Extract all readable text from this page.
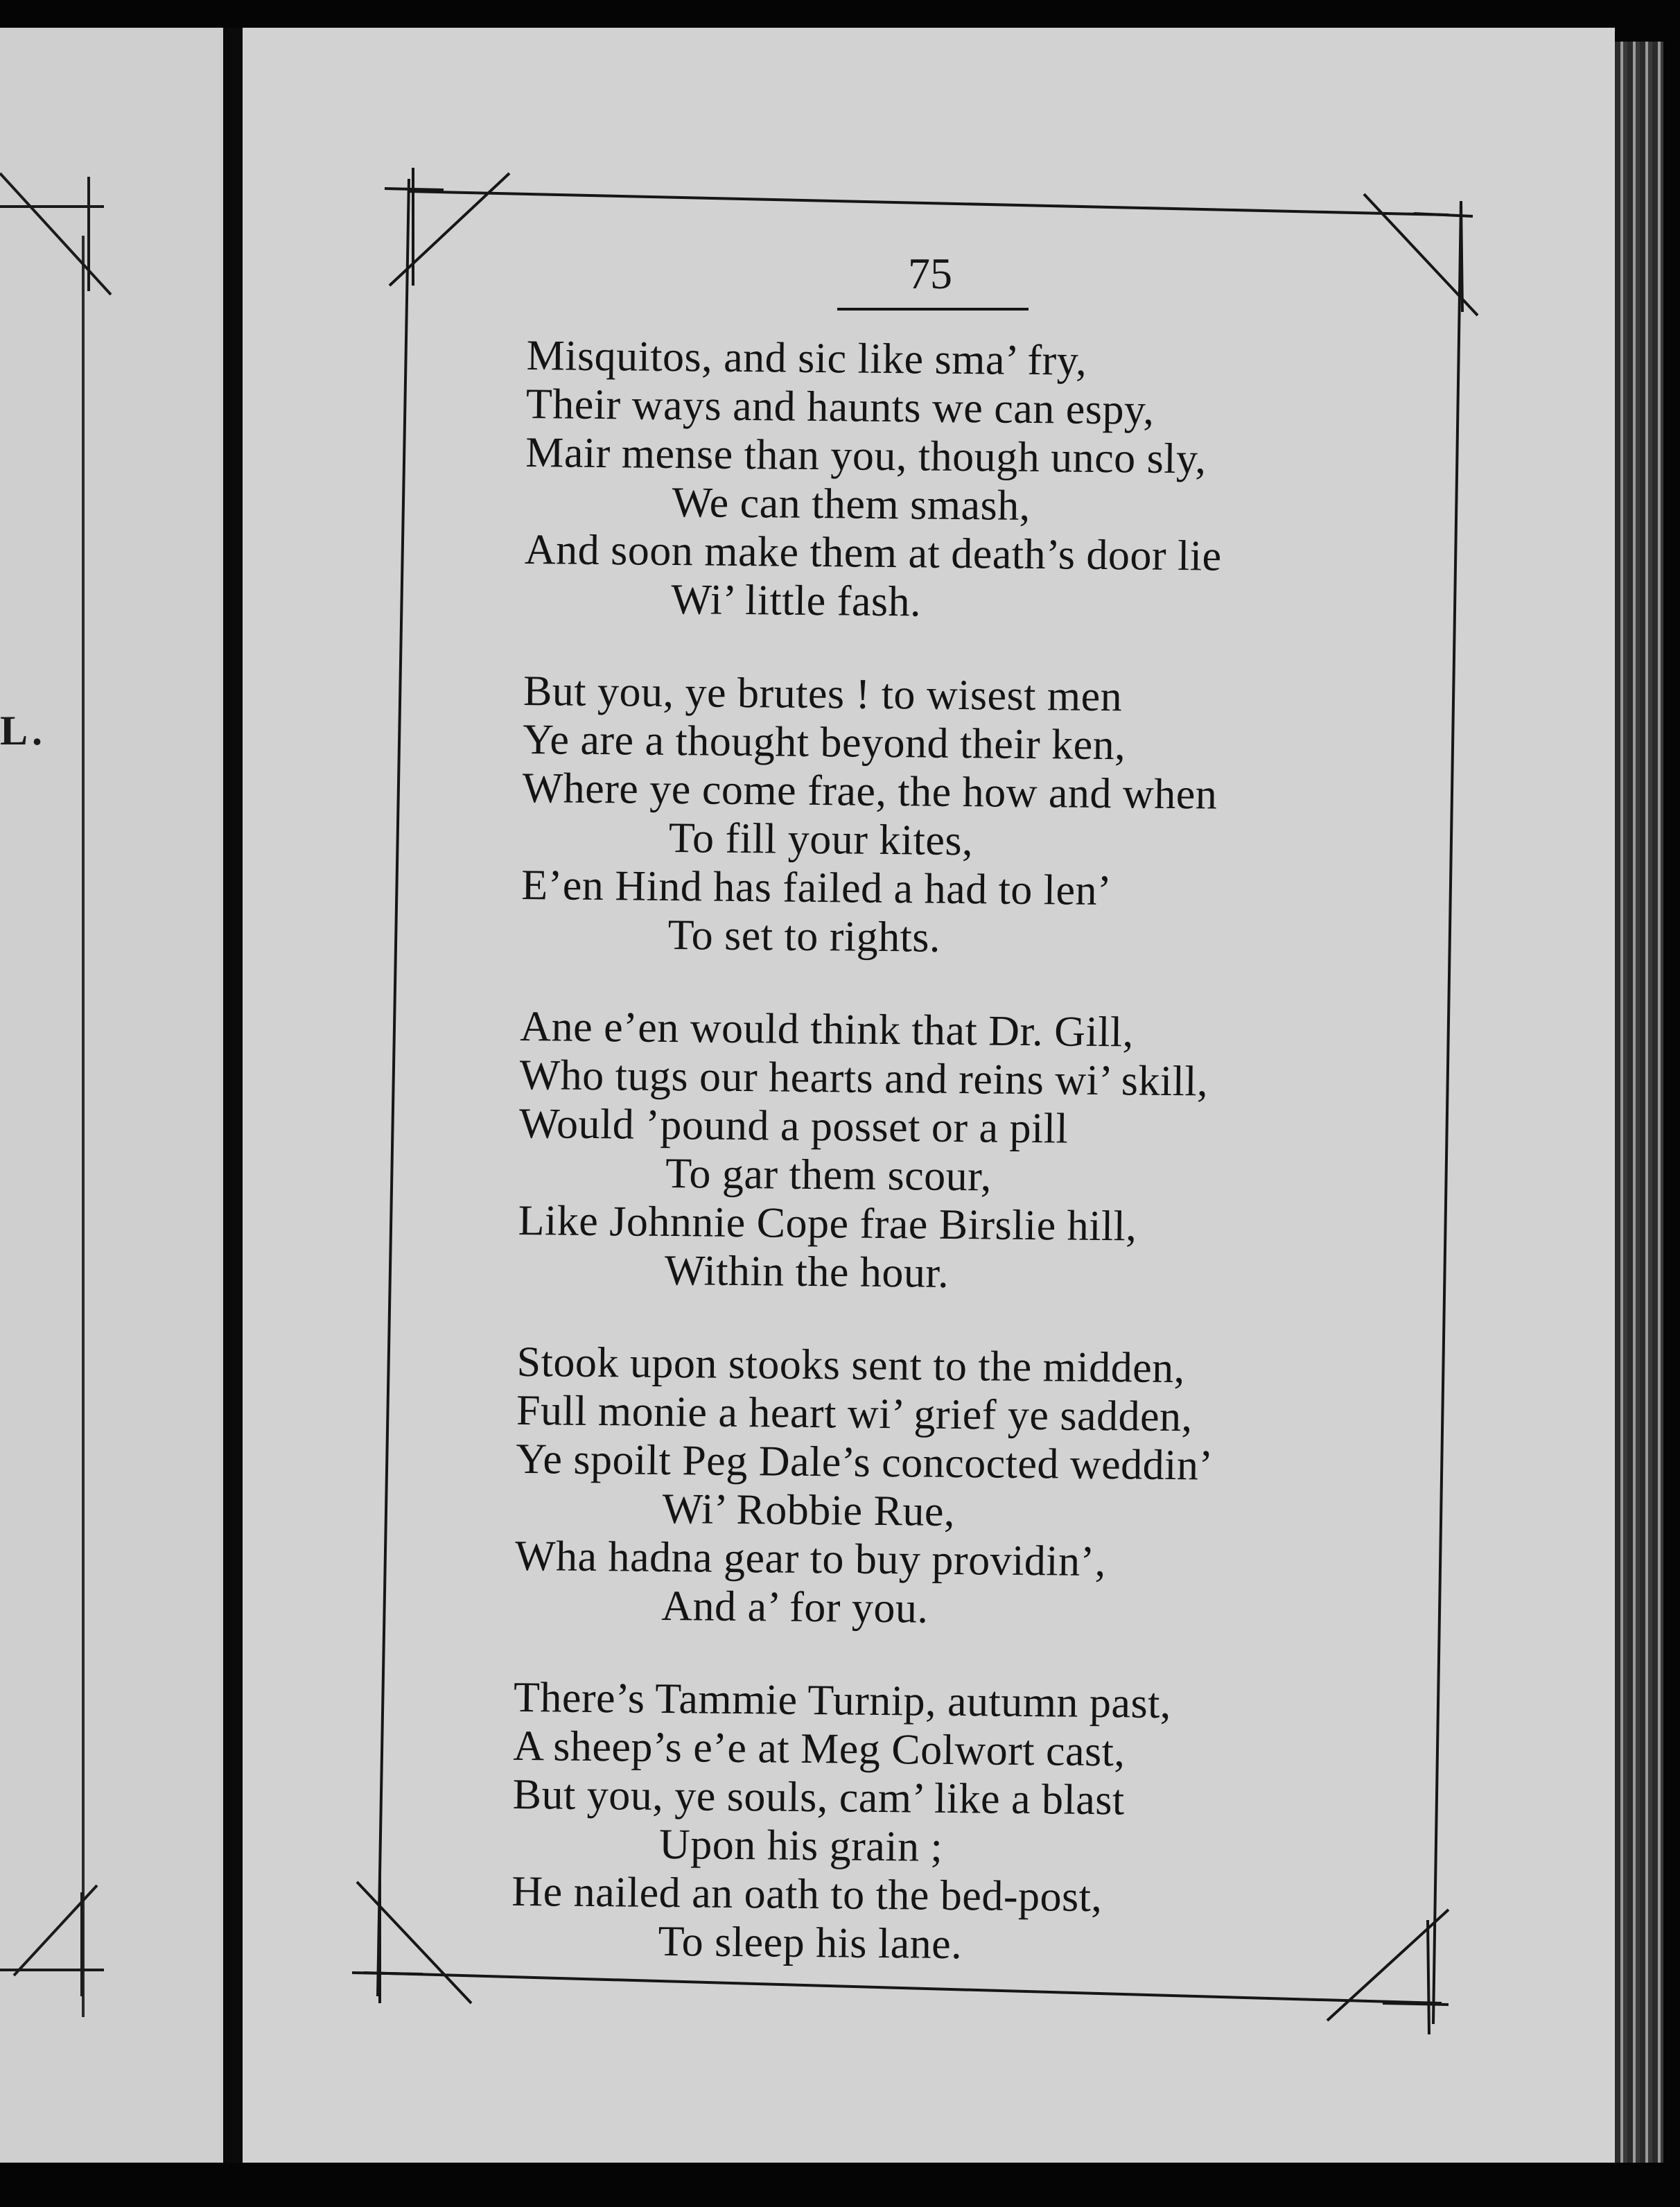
L.
75
Misquitos, and sic like sma’ fry,
Their ways and haunts we can espy,
Mair mense than you, though unco sly,
We can them smash,
And soon make them at death’s door lie
Wi’ little fash.
But you, ye brutes ! to wisest men
Ye are a thought beyond their ken,
Where ye come frae, the how and when
To fill your kites,
E’en Hind has failed a had to len’
To set to rights.
Ane e’en would think that Dr. Gill,
Who tugs our hearts and reins wi’ skill,
Would ’pound a posset or a pill
To gar them scour,
Like Johnnie Cope frae Birslie hill,
Within the hour.
Stook upon stooks sent to the midden,
Full monie a heart wi’ grief ye sadden,
Ye spoilt Peg Dale’s concocted weddin’
Wi’ Robbie Rue,
Wha hadna gear to buy providin’,
And a’ for you.
There’s Tammie Turnip, autumn past,
A sheep’s e’e at Meg Colwort cast,
But you, ye souls, cam’ like a blast
Upon his grain ;
He nailed an oath to the bed-post,
To sleep his lane.
